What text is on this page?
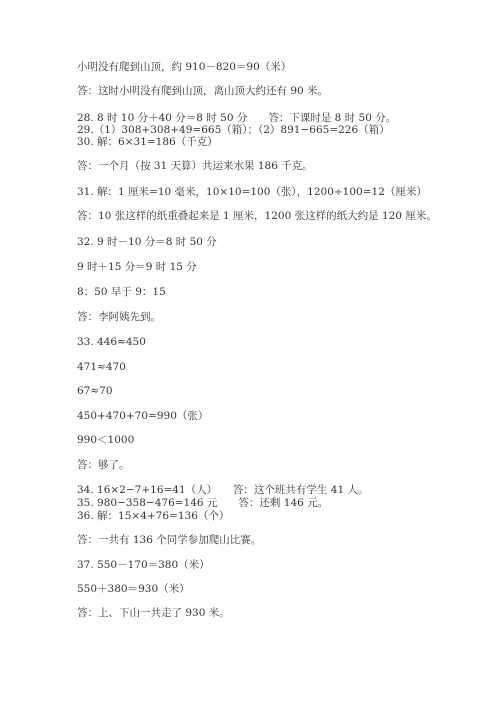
小明没有爬到山顶，约 910－820＝90（米）
答：这时小明没有爬到山顶，离山顶大约还有 90 米。
28. 8 时 10 分＋40 分＝8 时 50 分　　答：下课时是 8 时 50 分。
29.（1）308+308+49=665（箱）；（2）891−665=226（箱）
30. 解：6×31=186（千克）
答：一个月（按 31 天算）共运来水果 186 千克。
31. 解：1 厘米=10 毫米，10×10=100（张），1200÷100=12（厘米）
答：10 张这样的纸重叠起来是 1 厘米，1200 张这样的纸大约是 120 厘米。
32. 9 时－10 分＝8 时 50 分
9 时＋15 分＝9 时 15 分
8：50 早于 9：15
答：李阿姨先到。
33. 446≈450
471≈470
67≈70
450+470+70=990（张）
990＜1000
答：够了。
34. 16×2−7+16=41（人）　　答：这个班共有学生 41 人。
35. 980−358−476=146 元　　答：还剩 146 元。
36. 解：15×4+76=136（个）
答：一共有 136 个同学参加爬山比赛。
37. 550－170＝380（米）
550＋380＝930（米）
答：上、下山一共走了 930 米。
